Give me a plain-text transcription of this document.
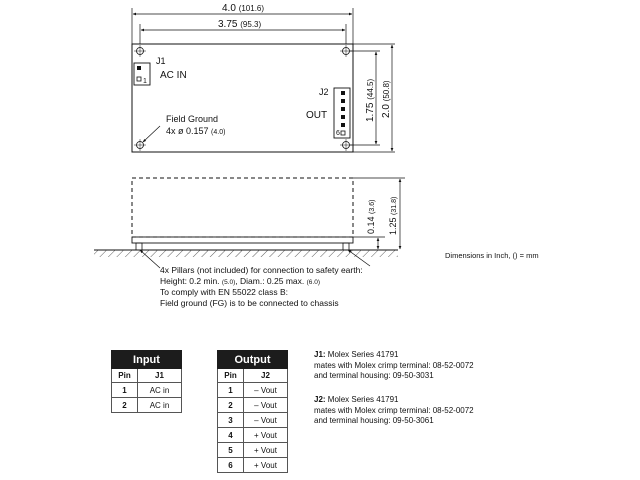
4.0 (101.6)
3.75 (95.3)
J1
1
AC IN
J2
6
OUT
Field Ground
4x ø 0.157 (4.0)
1.75 (44.5)
2.0 (50.8)
0.14 (3.6)
1.25 (31.8)
4x Pillars (not included) for connection to safety earth:
Height: 0.2 min. (5.0), Diam.: 0.25 max. (6.0)
To comply with EN 55022 class B:
Field ground (FG) is to be connected to chassis
Dimensions in Inch, () = mm
Input	
Pin	J1
1	AC in
2	AC in
Output	
Pin	J2
1	– Vout
2	– Vout
3	– Vout
4	+ Vout
5	+ Vout
6	+ Vout
J1: Molex Series 41791
mates with Molex crimp terminal: 08-52-0072
and terminal housing: 09-50-3031
J2: Molex Series 41791
mates with Molex crimp terminal: 08-52-0072
and terminal housing: 09-50-3061
